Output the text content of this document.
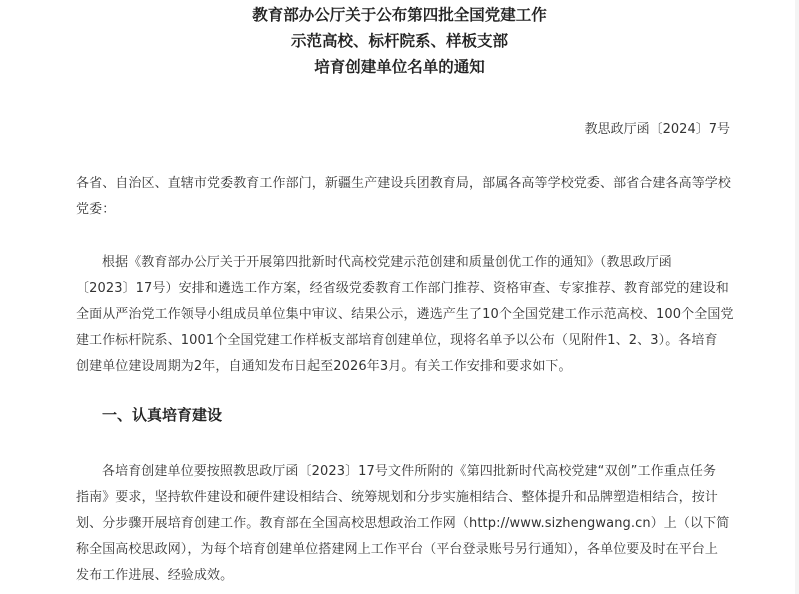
教育部办公厅关于公布第四批全国党建工作
示范高校、标杆院系、样板支部
培育创建单位名单的通知
教思政厅函〔2024〕7号
各省、自治区、直辖市党委教育工作部门，新疆生产建设兵团教育局，部属各高等学校党委、部省合建各高等学校
党委：
根据《教育部办公厅关于开展第四批新时代高校党建示范创建和质量创优工作的通知》（教思政厅函
〔2023〕17号）安排和遴选工作方案，经省级党委教育工作部门推荐、资格审查、专家推荐、教育部党的建设和
全面从严治党工作领导小组成员单位集中审议、结果公示，遴选产生了10个全国党建工作示范高校、100个全国党
建工作标杆院系、1001个全国党建工作样板支部培育创建单位，现将名单予以公布（见附件1、2、3）。各培育
创建单位建设周期为2年，自通知发布日起至2026年3月。有关工作安排和要求如下。
一、认真培育建设
各培育创建单位要按照教思政厅函〔2023〕17号文件所附的《第四批新时代高校党建“双创”工作重点任务
指南》要求，坚持软件建设和硬件建设相结合、统筹规划和分步实施相结合、整体提升和品牌塑造相结合，按计
划、分步骤开展培育创建工作。教育部在全国高校思想政治工作网（http://www.sizhengwang.cn）上（以下简
称全国高校思政网），为每个培育创建单位搭建网上工作平台（平台登录账号另行通知），各单位要及时在平台上
发布工作进展、经验成效。
